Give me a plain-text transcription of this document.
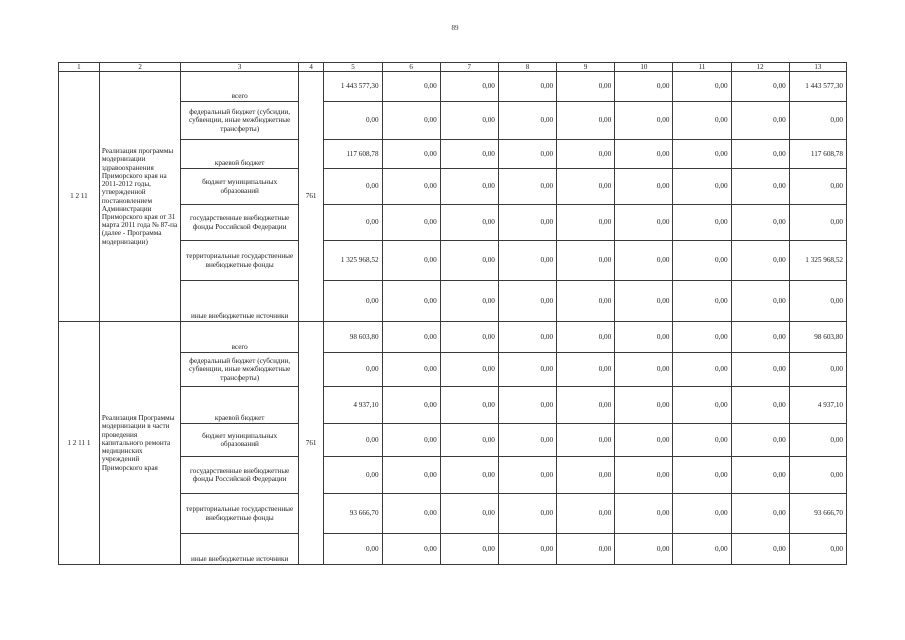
89
1	2	3	4	5	6	7	8	9	10	11	12	13
1 2 11	Реализация программы модернизации здравоохранения Приморского края на 2011-2012 годы, утвержденной постановлением Администрации Приморского края от 31 марта 2011 года № 87-па (далее - Программа модернизации)	всего	761	1 443 577,30	0,00	0,00	0,00	0,00	0,00	0,00	0,00	1 443 577,30
		федеральный бюджет (субсидии, субвенции, иные межбюджетные трансферты)		0,00	0,00	0,00	0,00	0,00	0,00	0,00	0,00	0,00
		краевой бюджет		117 608,78	0,00	0,00	0,00	0,00	0,00	0,00	0,00	117 608,78
		бюджет муниципальных образований		0,00	0,00	0,00	0,00	0,00	0,00	0,00	0,00	0,00
		государственные внебюджетные фонды Российской Федерации		0,00	0,00	0,00	0,00	0,00	0,00	0,00	0,00	0,00
		территориальные государственные внебюджетные фонды		1 325 968,52	0,00	0,00	0,00	0,00	0,00	0,00	0,00	1 325 968,52
		иные внебюджетные источники		0,00	0,00	0,00	0,00	0,00	0,00	0,00	0,00	0,00
1 2 11 1	Реализация Программы модернизации в части проведения капитального ремонта медицинских учреждений Приморского края	всего	761	98 603,80	0,00	0,00	0,00	0,00	0,00	0,00	0,00	98 603,80
		федеральный бюджет (субсидии, субвенции, иные межбюджетные трансферты)		0,00	0,00	0,00	0,00	0,00	0,00	0,00	0,00	0,00
		краевой бюджет		4 937,10	0,00	0,00	0,00	0,00	0,00	0,00	0,00	4 937,10
		бюджет муниципальных образований		0,00	0,00	0,00	0,00	0,00	0,00	0,00	0,00	0,00
		государственные внебюджетные фонды Российской Федерации		0,00	0,00	0,00	0,00	0,00	0,00	0,00	0,00	0,00
		территориальные государственные внебюджетные фонды		93 666,70	0,00	0,00	0,00	0,00	0,00	0,00	0,00	93 666,70
		иные внебюджетные источники		0,00	0,00	0,00	0,00	0,00	0,00	0,00	0,00	0,00
